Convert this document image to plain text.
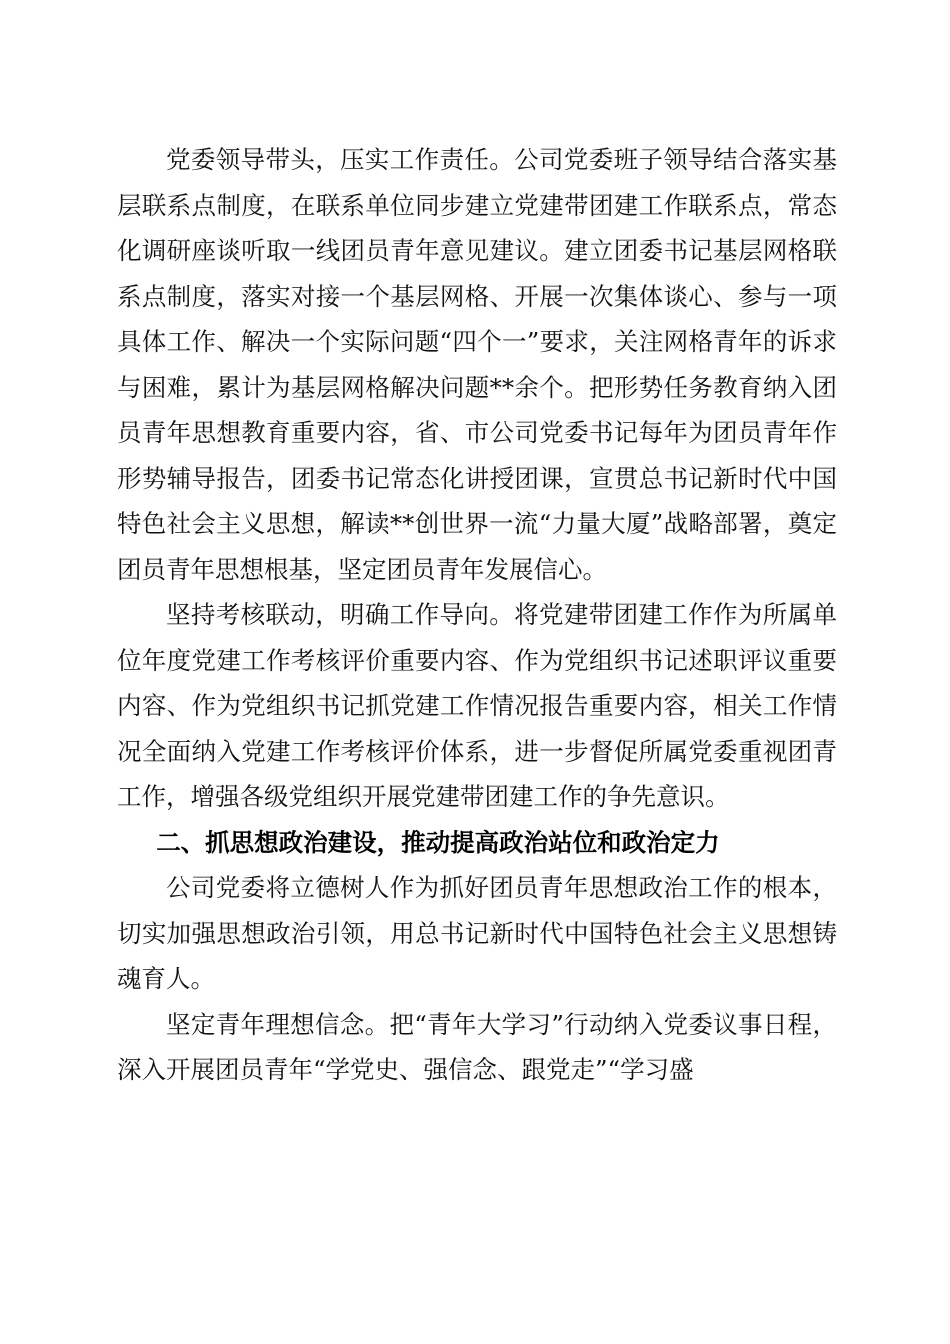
党委领导带头，压实工作责任。公司党委班子领导结合落实基层联系点制度，在联系单位同步建立党建带团建工作联系点，常态化调研座谈听取一线团员青年意见建议。建立团委书记基层网格联系点制度，落实对接一个基层网格、开展一次集体谈心、参与一项具体工作、解决一个实际问题“四个一”要求，关注网格青年的诉求与困难，累计为基层网格解决问题**余个。把形势任务教育纳入团员青年思想教育重要内容，省、市公司党委书记每年为团员青年作形势辅导报告，团委书记常态化讲授团课，宣贯总书记新时代中国特色社会主义思想，解读**创世界一流“力量大厦”战略部署，奠定团员青年思想根基，坚定团员青年发展信心。

坚持考核联动，明确工作导向。将党建带团建工作作为所属单位年度党建工作考核评价重要内容、作为党组织书记述职评议重要内容、作为党组织书记抓党建工作情况报告重要内容，相关工作情况全面纳入党建工作考核评价体系，进一步督促所属党委重视团青工作，增强各级党组织开展党建带团建工作的争先意识。

二、抓思想政治建设，推动提高政治站位和政治定力

公司党委将立德树人作为抓好团员青年思想政治工作的根本，切实加强思想政治引领，用总书记新时代中国特色社会主义思想铸魂育人。

坚定青年理想信念。把“青年大学习”行动纳入党委议事日程，深入开展团员青年“学党史、强信念、跟党走”“学习盛
